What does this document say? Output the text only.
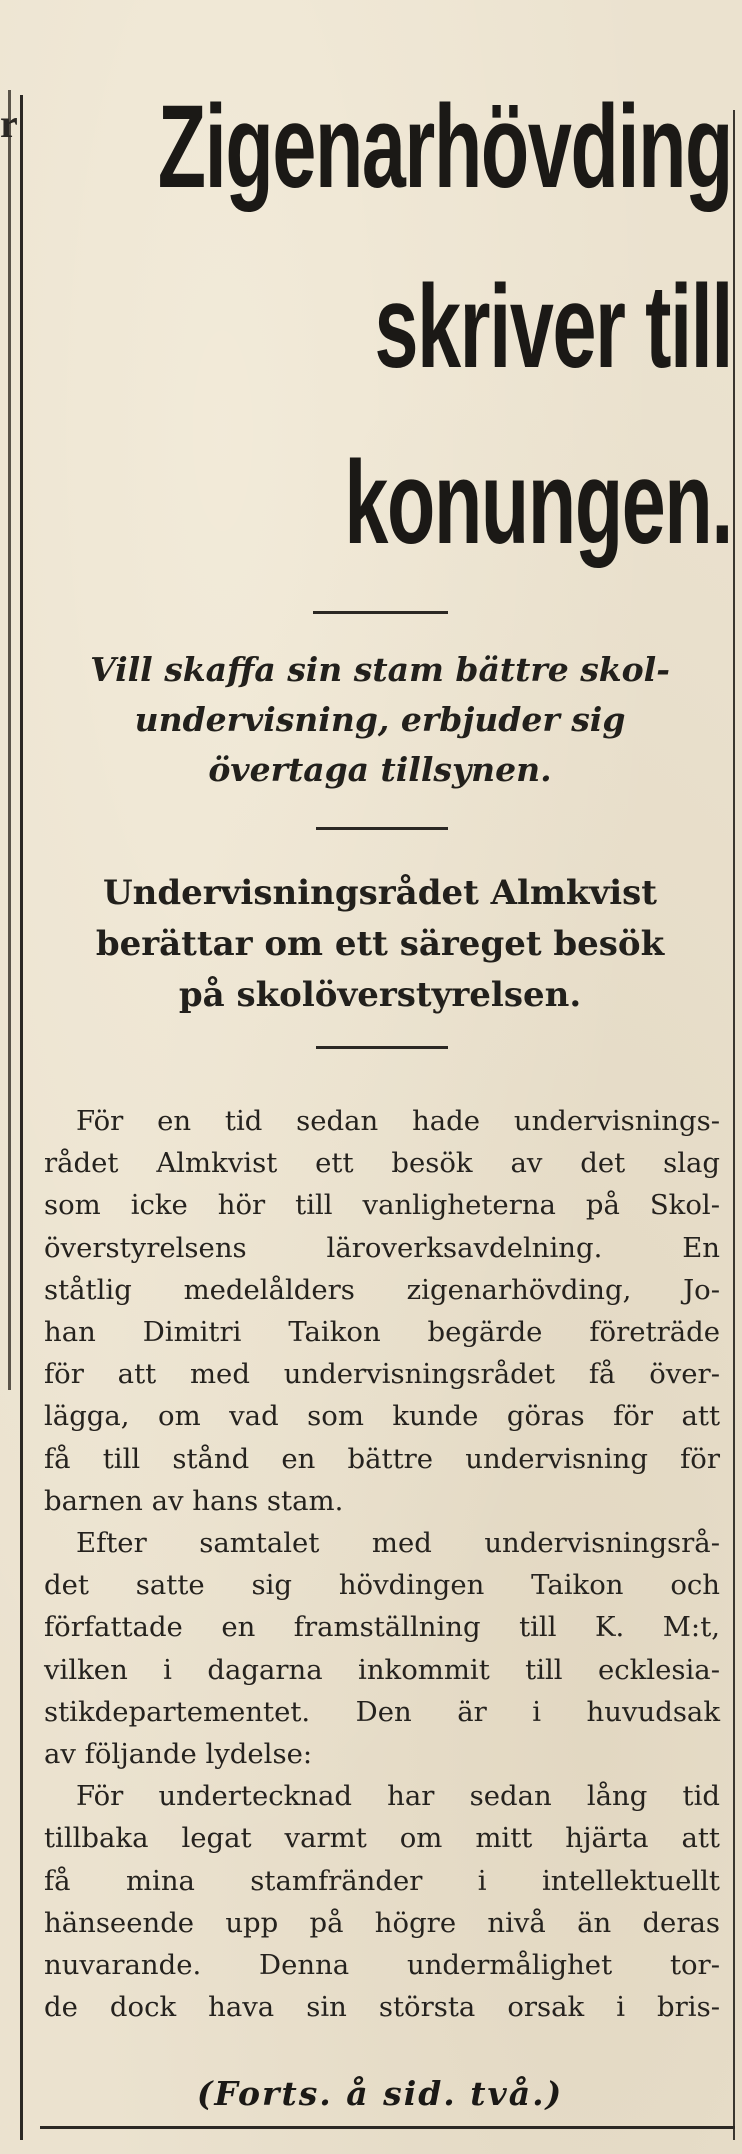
r	Zigenarhövding
skriver till
konungen.
Vill skaffa sin stam bättre skol-
undervisning, erbjuder sig
övertaga tillsynen.
Undervisningsrådet Almkvist
berättar om ett säreget besök
på skolöverstyrelsen.
För en tid sedan hade undervisnings-
rådet Almkvist ett besök av det slag
som icke hör till vanligheterna på Skol-
överstyrelsens läroverksavdelning. En
ståtlig medelålders zigenarhövding, Jo-
han Dimitri Taikon begärde företräde
för att med undervisningsrådet få över-
lägga, om vad som kunde göras för att
få till stånd en bättre undervisning för
barnen av hans stam.
Efter samtalet med undervisningsrå-
det satte sig hövdingen Taikon och
författade en framställning till K. M:t,
vilken i dagarna inkommit till ecklesia-
stikdepartementet. Den är i huvudsak
av följande lydelse:
För undertecknad har sedan lång tid
tillbaka legat varmt om mitt hjärta att
få mina stamfränder i intellektuellt
hänseende upp på högre nivå än deras
nuvarande. Denna undermålighet tor-
de dock hava sin största orsak i bris-
(Forts. å sid. två.)
